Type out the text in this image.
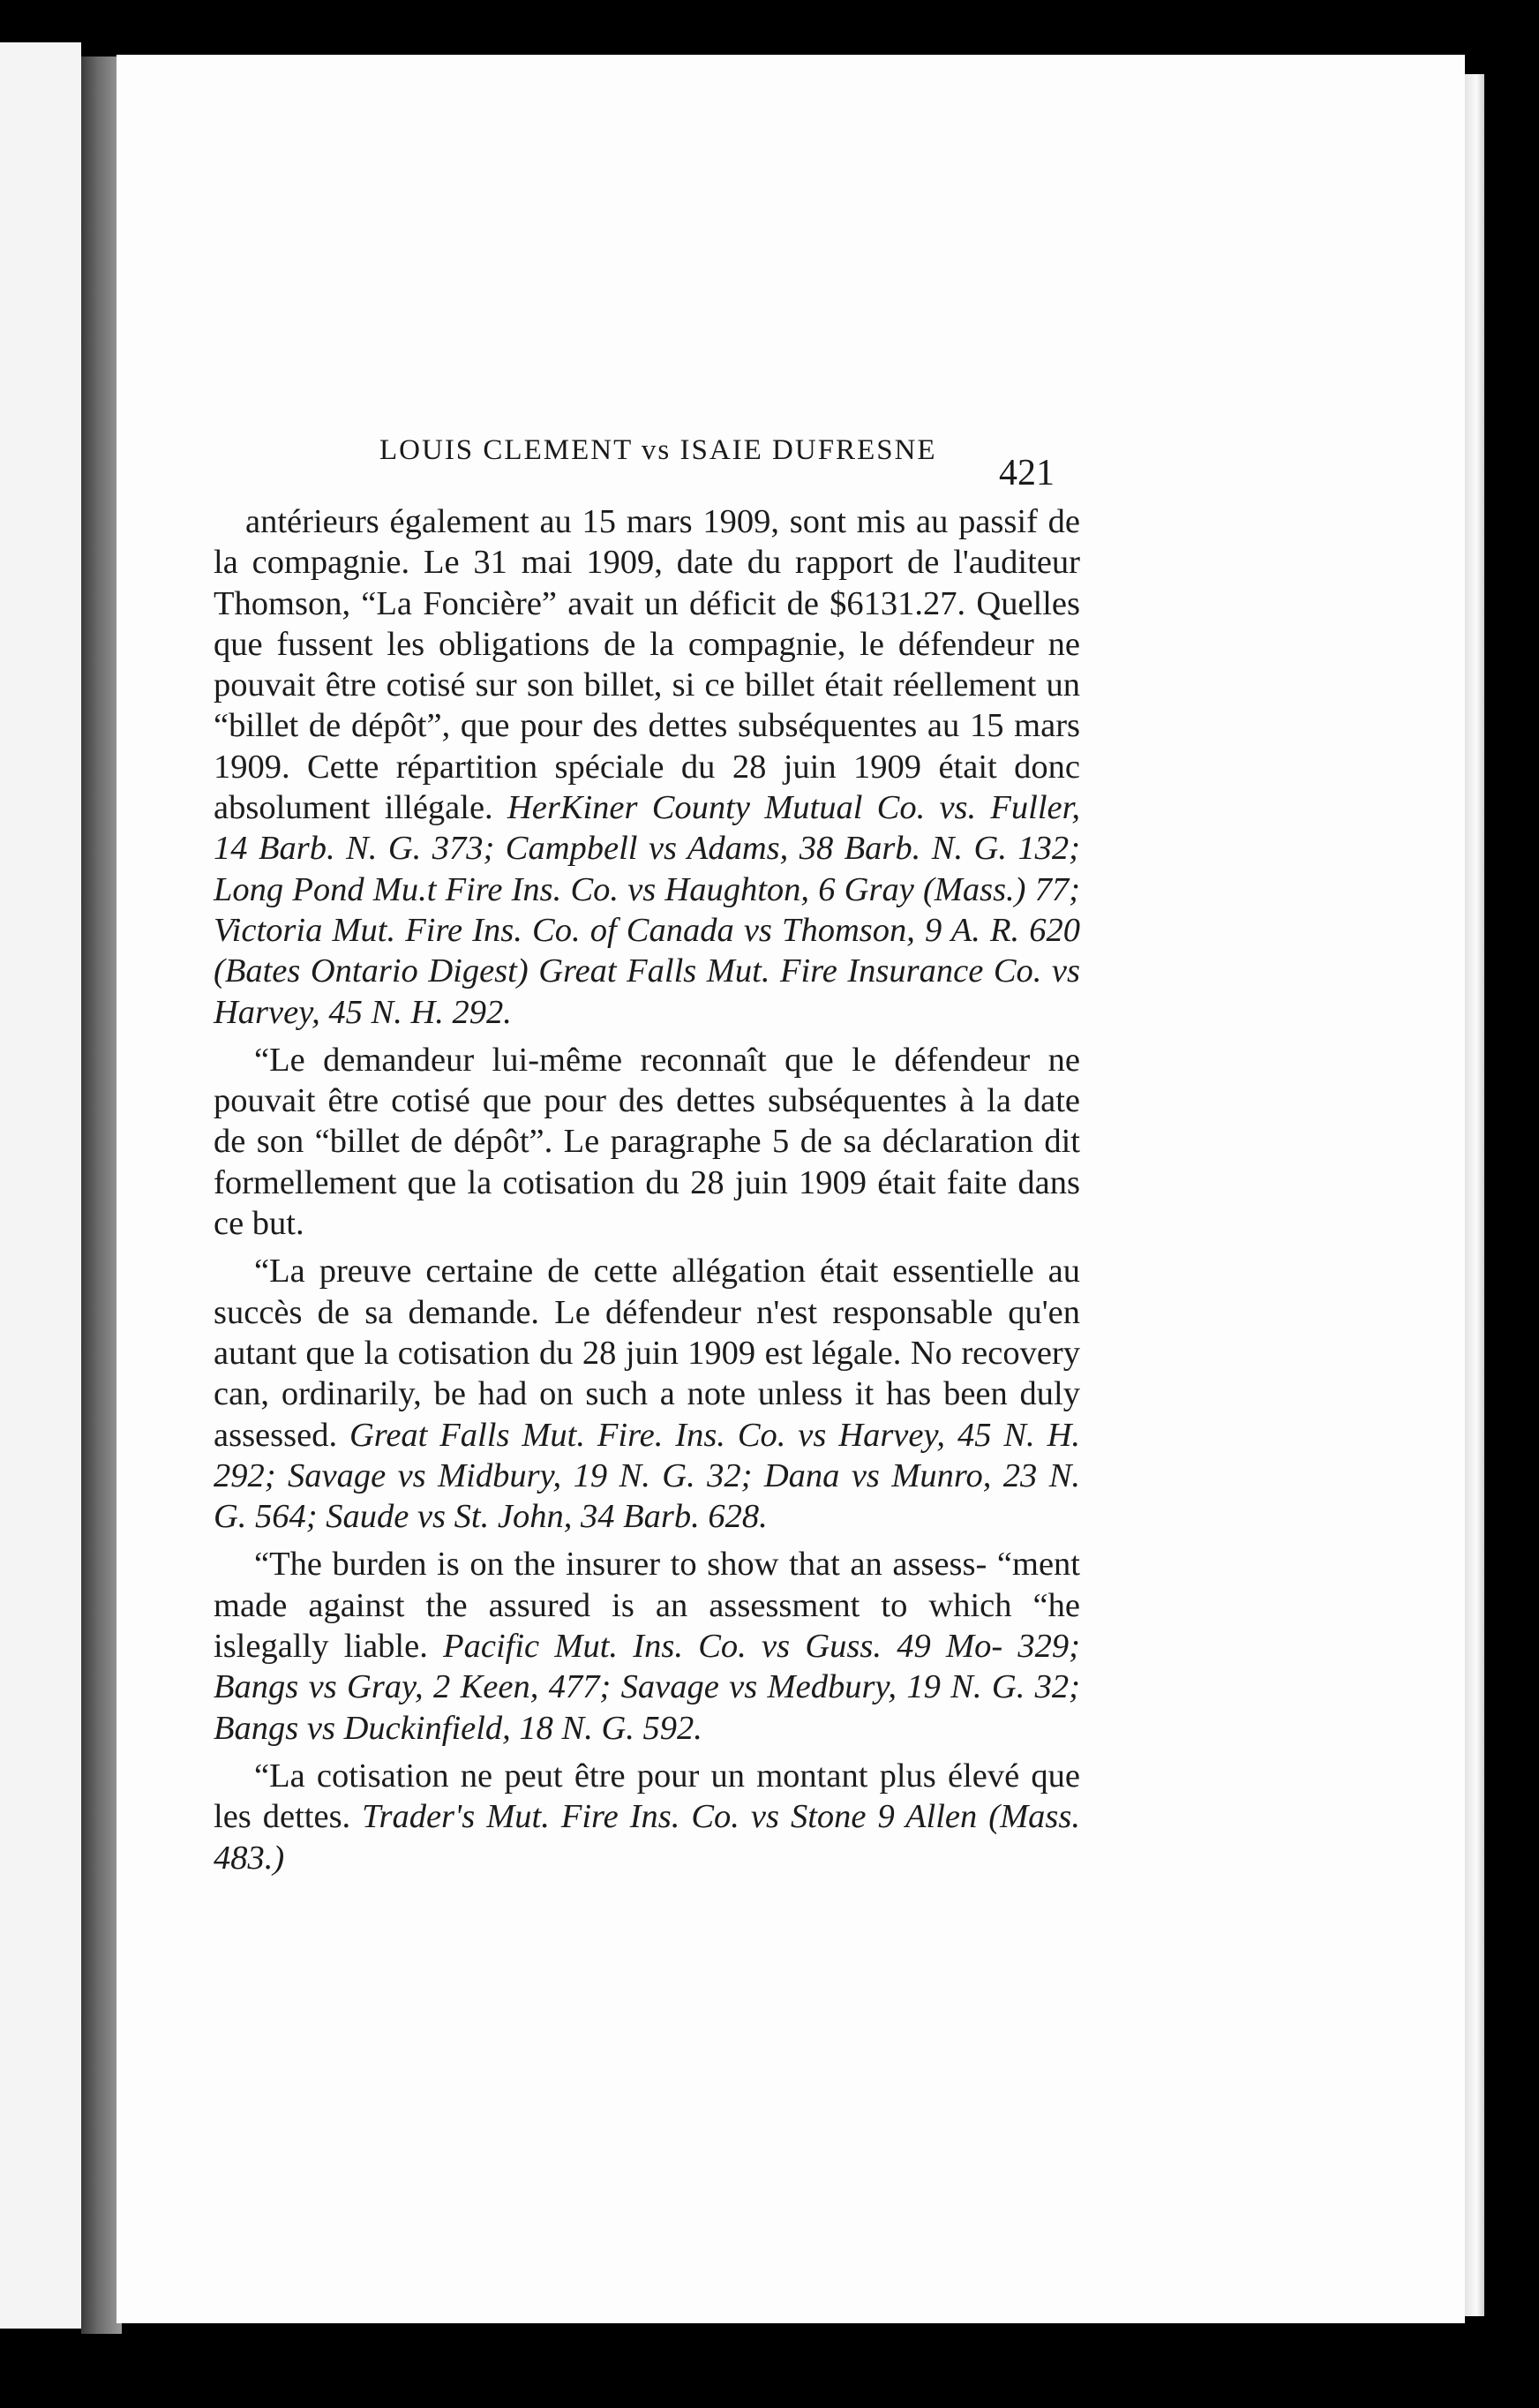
LOUIS CLEMENT vs ISAIE DUFRESNE
421

antérieurs également au 15 mars 1909, sont mis au passif de la compagnie. Le 31 mai 1909, date du rapport de l'auditeur Thomson, “La Foncière” avait un déficit de $6131.27. Quelles que fussent les obligations de la compagnie, le défendeur ne pouvait être cotisé sur son billet, si ce billet était réellement un “billet de dépôt”, que pour des dettes subséquentes au 15 mars 1909. Cette répartition spéciale du 28 juin 1909 était donc absolument illégale. HerKiner County Mutual Co. vs. Fuller, 14 Barb. N. G. 373; Campbell vs Adams, 38 Barb. N. G. 132; Long Pond Mu.t Fire Ins. Co. vs Haughton, 6 Gray (Mass.) 77; Victoria Mut. Fire Ins. Co. of Canada vs Thomson, 9 A. R. 620 (Bates Ontario Digest) Great Falls Mut. Fire Insurance Co. vs Harvey, 45 N. H. 292.

“Le demandeur lui-même reconnaît que le défendeur ne pouvait être cotisé que pour des dettes subséquentes à la date de son “billet de dépôt”. Le paragraphe 5 de sa déclaration dit formellement que la cotisation du 28 juin 1909 était faite dans ce but.

“La preuve certaine de cette allégation était essentielle au succès de sa demande. Le défendeur n'est responsable qu'en autant que la cotisation du 28 juin 1909 est légale. No recovery can, ordinarily, be had on such a note unless it has been duly assessed. Great Falls Mut. Fire. Ins. Co. vs Harvey, 45 N. H. 292; Savage vs Midbury, 19 N. G. 32; Dana vs Munro, 23 N. G. 564; Saude vs St. John, 34 Barb. 628.

“The burden is on the insurer to show that an assess- “ment made against the assured is an assessment to which “he islegally liable. Pacific Mut. Ins. Co. vs Guss. 49 Mo- 329; Bangs vs Gray, 2 Keen, 477; Savage vs Medbury, 19 N. G. 32; Bangs vs Duckinfield, 18 N. G. 592.

“La cotisation ne peut être pour un montant plus élevé que les dettes. Trader's Mut. Fire Ins. Co. vs Stone 9 Allen (Mass. 483.)
